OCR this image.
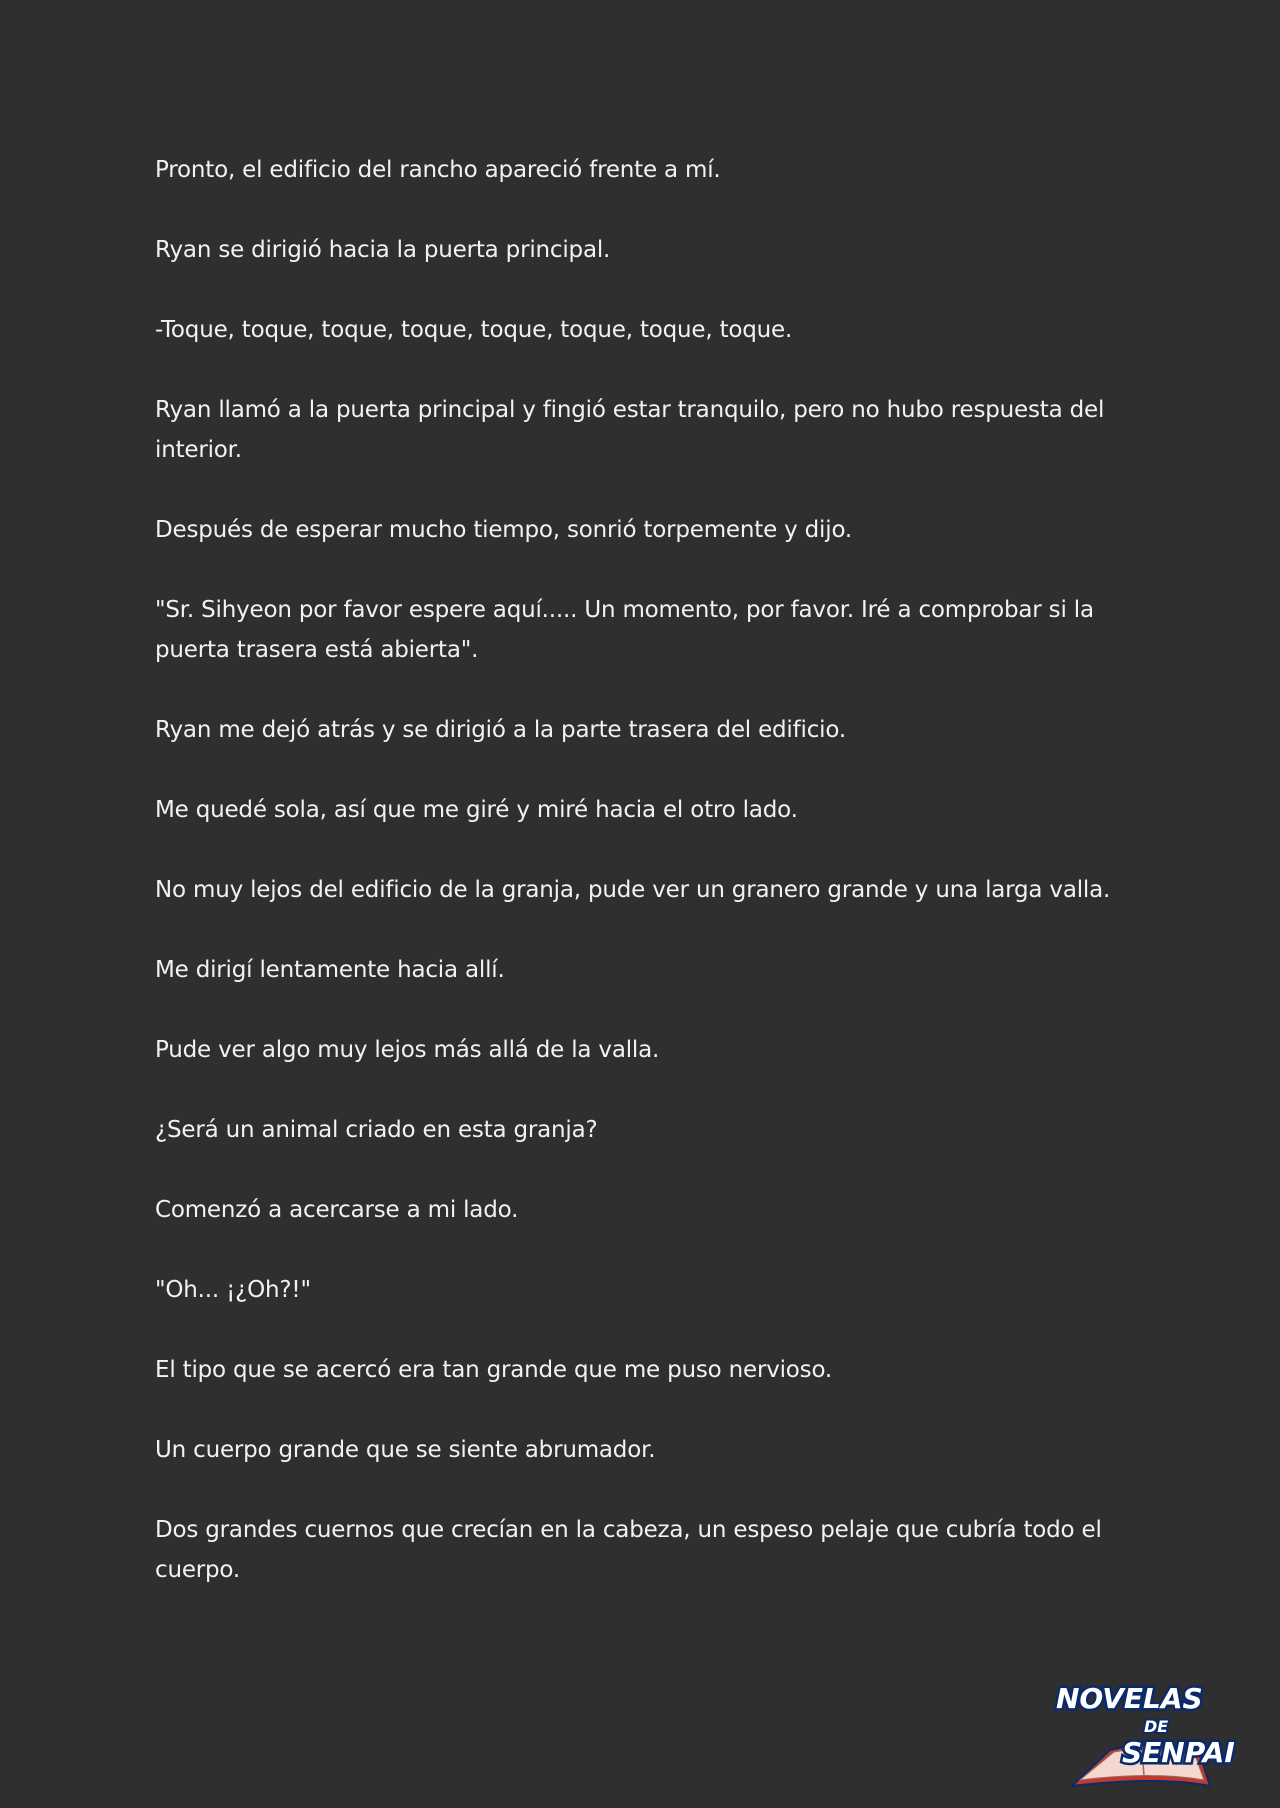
Pronto, el edificio del rancho apareció frente a mí.

Ryan se dirigió hacia la puerta principal.

-Toque, toque, toque, toque, toque, toque, toque, toque.

Ryan llamó a la puerta principal y fingió estar tranquilo, pero no hubo respuesta del interior.

Después de esperar mucho tiempo, sonrió torpemente y dijo.

"Sr. Sihyeon por favor espere aquí..... Un momento, por favor. Iré a comprobar si la puerta trasera está abierta".

Ryan me dejó atrás y se dirigió a la parte trasera del edificio.

Me quedé sola, así que me giré y miré hacia el otro lado.

No muy lejos del edificio de la granja, pude ver un granero grande y una larga valla.

Me dirigí lentamente hacia allí.

Pude ver algo muy lejos más allá de la valla.

¿Será un animal criado en esta granja?

Comenzó a acercarse a mi lado.

"Oh... ¡¿Oh?!"

El tipo que se acercó era tan grande que me puso nervioso.

Un cuerpo grande que se siente abrumador.

Dos grandes cuernos que crecían en la cabeza, un espeso pelaje que cubría todo el cuerpo.

NOVELAS
DE
SENPAI
